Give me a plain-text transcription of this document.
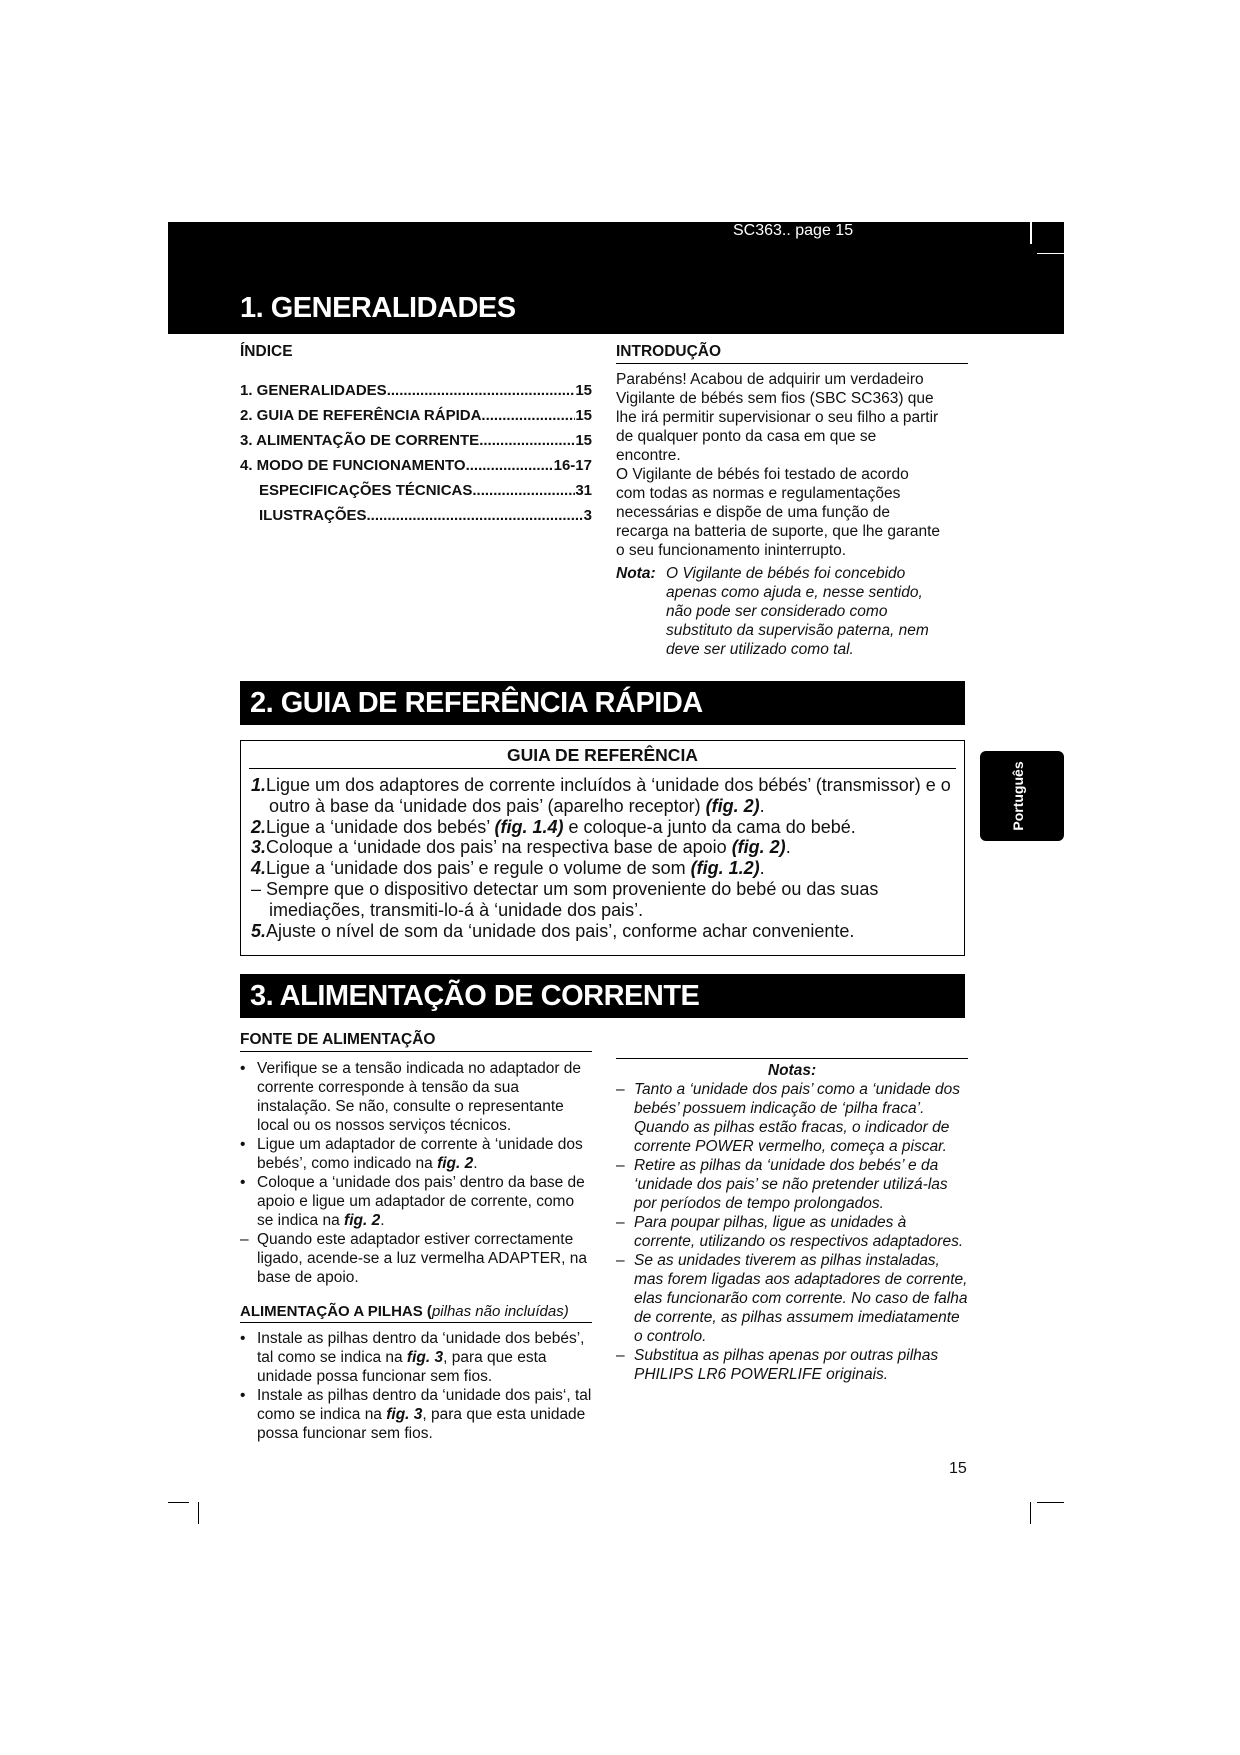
SC363.. page 15
1. GENERALIDADES
ÍNDICE
1. GENERALIDADES .....	15
2. GUIA DE REFERÊNCIA RÁPIDA .....	15
3. ALIMENTAÇÃO DE CORRENTE .....	15
4. MODO DE FUNCIONAMENTO .....	16-17
ESPECIFICAÇÕES TÉCNICAS .....	31
ILUSTRAÇÕES .....	3
INTRODUÇÃO
Parabéns! Acabou de adquirir um verdadeiro
Vigilante de bébés sem fios (SBC SC363) que
lhe irá permitir supervisionar o seu filho a partir
de qualquer ponto da casa em que se
encontre.
O Vigilante de bébés foi testado de acordo
com todas as normas e regulamentações
necessárias e dispõe de uma função de
recarga na batteria de suporte, que lhe garante
o seu funcionamento ininterrupto.
Nota: O Vigilante de bébés foi concebido
apenas como ajuda e, nesse sentido,
não pode ser considerado como
substituto da supervisão paterna, nem
deve ser utilizado como tal.
2. GUIA DE REFERÊNCIA RÁPIDA
GUIA DE REFERÊNCIA
1.Ligue um dos adaptores de corrente incluídos à ‘unidade dos bébés’ (transmissor) e o outro à base da ‘unidade dos pais’ (aparelho receptor) (fig. 2).
2.Ligue a ‘unidade dos bebés’ (fig. 1.4) e coloque-a junto da cama do bebé.
3.Coloque a ‘unidade dos pais’ na respectiva base de apoio (fig. 2).
4.Ligue a ‘unidade dos pais’ e regule o volume de som (fig. 1.2).
– Sempre que o dispositivo detectar um som proveniente do bebé ou das suas imediações, transmiti-lo-á à ‘unidade dos pais’.
5.Ajuste o nível de som da ‘unidade dos pais’, conforme achar conveniente.
Português
3. ALIMENTAÇÃO DE CORRENTE
FONTE DE ALIMENTAÇÃO
• Verifique se a tensão indicada no adaptador de corrente corresponde à tensão da sua instalação. Se não, consulte o representante local ou os nossos serviços técnicos.
• Ligue um adaptador de corrente à ‘unidade dos bebés’, como indicado na fig. 2.
• Coloque a ‘unidade dos pais’ dentro da base de apoio e ligue um adaptador de corrente, como se indica na fig. 2.
– Quando este adaptador estiver correctamente ligado, acende-se a luz vermelha ADAPTER, na base de apoio.
ALIMENTAÇÃO A PILHAS (pilhas não incluídas)
• Instale as pilhas dentro da ‘unidade dos bebés’, tal como se indica na fig. 3, para que esta unidade possa funcionar sem fios.
• Instale as pilhas dentro da ‘unidade dos pais‘, tal como se indica na fig. 3, para que esta unidade possa funcionar sem fios.
Notas:
– Tanto a ‘unidade dos pais’ como a ‘unidade dos bebés’ possuem indicação de ‘pilha fraca’. Quando as pilhas estão fracas, o indicador de corrente POWER vermelho, começa a piscar.
– Retire as pilhas da ‘unidade dos bebés’ e da ‘unidade dos pais’ se não pretender utilizá-las por períodos de tempo prolongados.
– Para poupar pilhas, ligue as unidades à corrente, utilizando os respectivos adaptadores.
– Se as unidades tiverem as pilhas instaladas, mas forem ligadas aos adaptadores de corrente, elas funcionarão com corrente. No caso de falha de corrente, as pilhas assumem imediatamente o controlo.
– Substitua as pilhas apenas por outras pilhas PHILIPS LR6 POWERLIFE originais.
15
